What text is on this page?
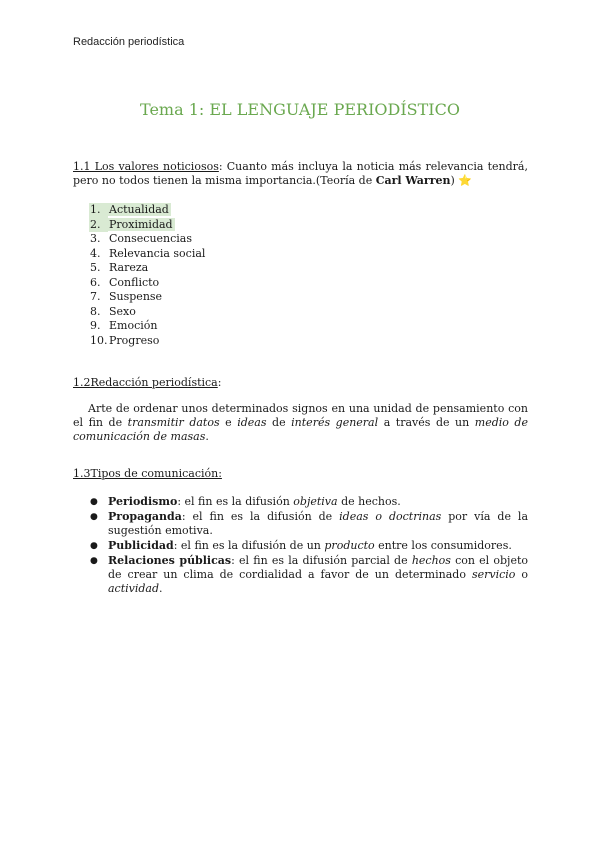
Redacción periodística
Tema 1: EL LENGUAJE PERIODÍSTICO

1.1 Los valores noticiosos: Cuanto más incluya la noticia más relevancia tendrá, pero no todos tienen la misma importancia.(Teoría de Carl Warren) ⭐

1. Actualidad
2. Proximidad
3. Consecuencias
4. Relevancia social
5. Rareza
6. Conflicto
7. Suspense
8. Sexo
9. Emoción
10. Progreso

1.2Redacción periodística:

Arte de ordenar unos determinados signos en una unidad de pensamiento con el fin de transmitir datos e ideas de interés general a través de un medio de comunicación de masas.

1.3Tipos de comunicación:

● Periodismo: el fin es la difusión objetiva de hechos.
● Propaganda: el fin es la difusión de ideas o doctrinas por vía de la sugestión emotiva.
● Publicidad: el fin es la difusión de un producto entre los consumidores.
● Relaciones públicas: el fin es la difusión parcial de hechos con el objeto de crear un clima de cordialidad a favor de un determinado servicio o actividad.
